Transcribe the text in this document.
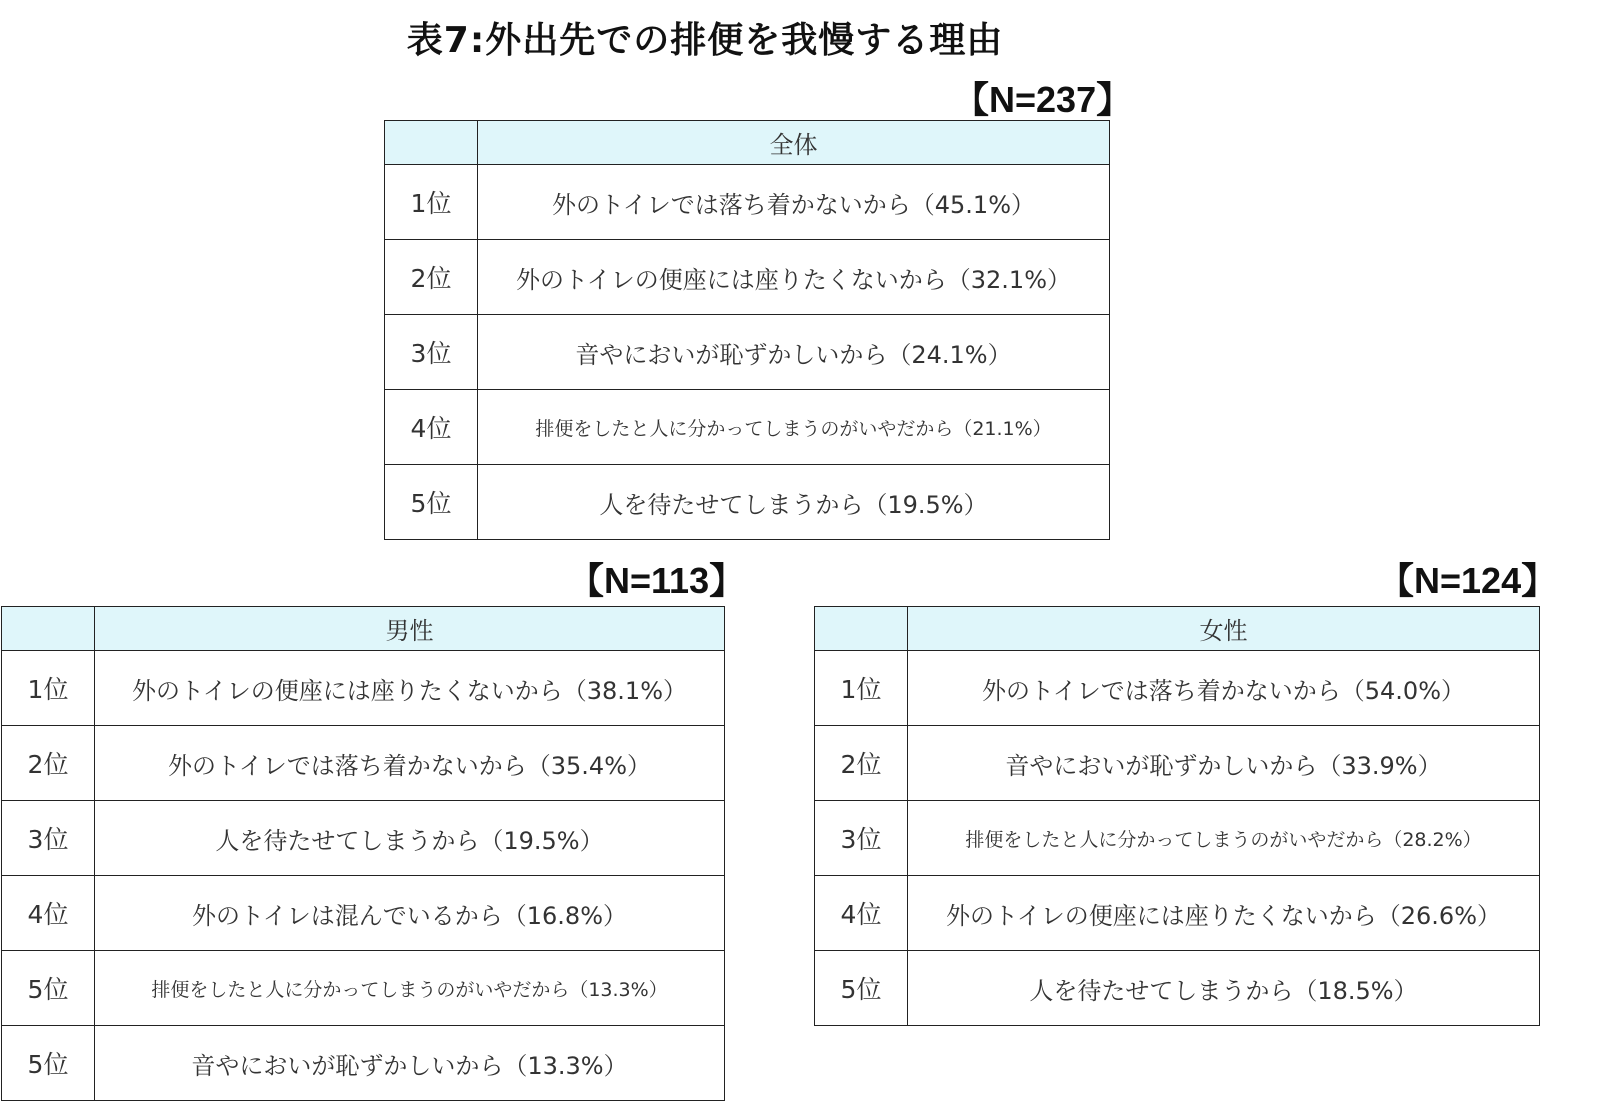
表7:外出先での排便を我慢する理由
【N=237】
	全体
1位	外のトイレでは落ち着かないから（45.1%）
2位	外のトイレの便座には座りたくないから（32.1%）
3位	音やにおいが恥ずかしいから（24.1%）
4位	排便をしたと人に分かってしまうのがいやだから（21.1%）
5位	人を待たせてしまうから（19.5%）
【N=113】
	男性
1位	外のトイレの便座には座りたくないから（38.1%）
2位	外のトイレでは落ち着かないから（35.4%）
3位	人を待たせてしまうから（19.5%）
4位	外のトイレは混んでいるから（16.8%）
5位	排便をしたと人に分かってしまうのがいやだから（13.3%）
5位	音やにおいが恥ずかしいから（13.3%）
【N=124】
	女性
1位	外のトイレでは落ち着かないから（54.0%）
2位	音やにおいが恥ずかしいから（33.9%）
3位	排便をしたと人に分かってしまうのがいやだから（28.2%）
4位	外のトイレの便座には座りたくないから（26.6%）
5位	人を待たせてしまうから（18.5%）
